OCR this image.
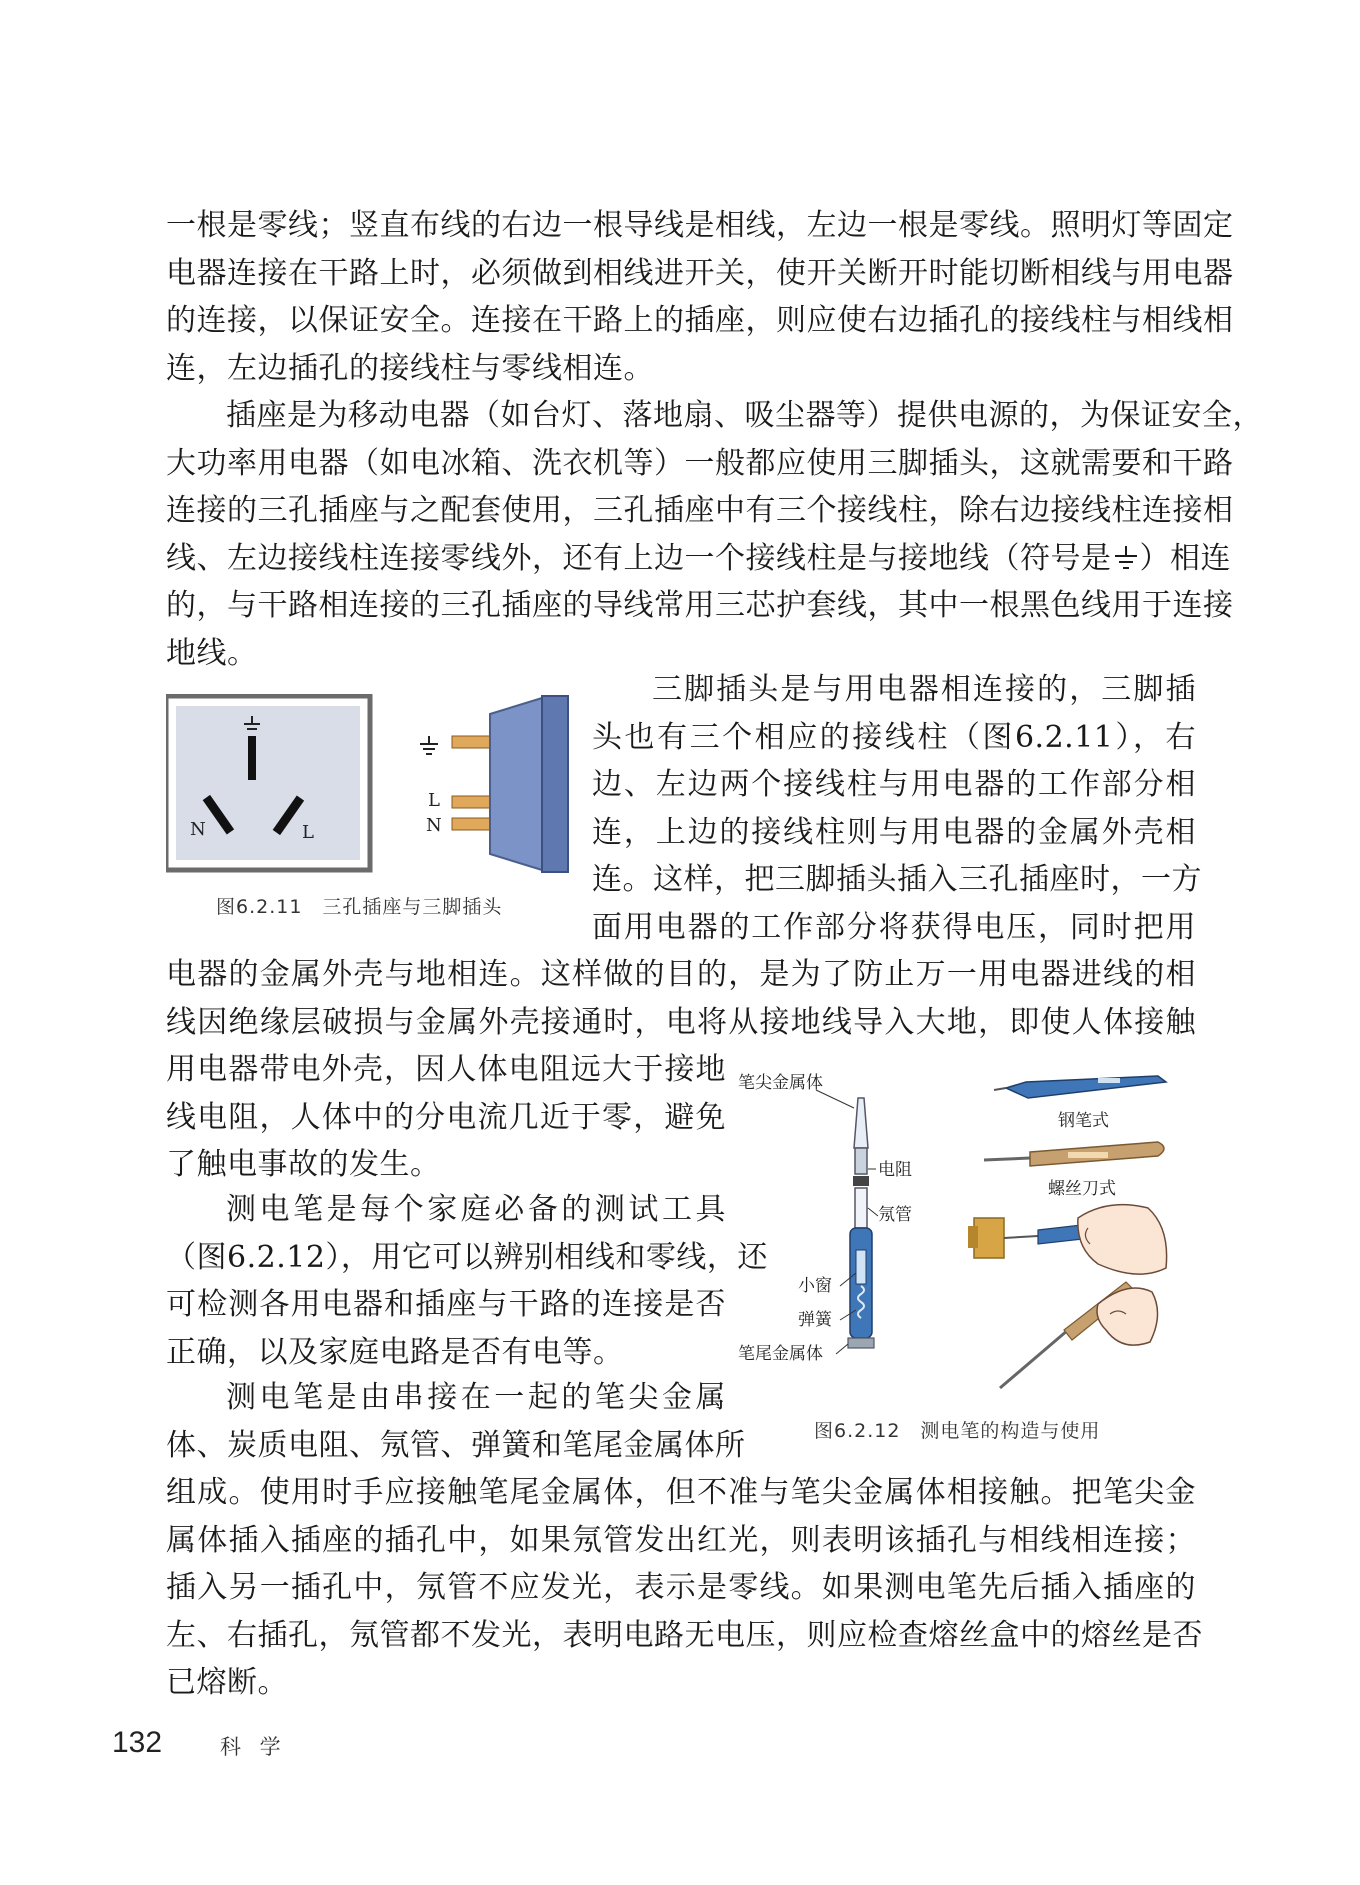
一根是零线；竖直布线的右边一根导线是相线，左边一根是零线。照明灯等固定
电器连接在干路上时，必须做到相线进开关，使开关断开时能切断相线与用电器
的连接，以保证安全。连接在干路上的插座，则应使右边插孔的接线柱与相线相
连，左边插孔的接线柱与零线相连。
插座是为移动电器（如台灯、落地扇、吸尘器等）提供电源的，为保证安全，
大功率用电器（如电冰箱、洗衣机等）一般都应使用三脚插头，这就需要和干路
连接的三孔插座与之配套使用，三孔插座中有三个接线柱，除右边接线柱连接相
线、左边接线柱连接零线外，还有上边一个接线柱是与接地线（符号是 ）相连
的，与干路相连接的三孔插座的导线常用三芯护套线，其中一根黑色线用于连接
地线。
N	L
L
N
图6.2.11　三孔插座与三脚插头
三脚插头是与用电器相连接的，三脚插
头也有三个相应的接线柱（图6.2.11），右
边、左边两个接线柱与用电器的工作部分相
连，上边的接线柱则与用电器的金属外壳相
连。这样，把三脚插头插入三孔插座时，一方
面用电器的工作部分将获得电压，同时把用
电器的金属外壳与地相连。这样做的目的，是为了防止万一用电器进线的相
线因绝缘层破损与金属外壳接通时，电将从接地线导入大地，即使人体接触
用电器带电外壳，因人体电阻远大于接地
线电阻，人体中的分电流几近于零，避免
了触电事故的发生。
测电笔是每个家庭必备的测试工具
（图6.2.12），用它可以辨别相线和零线，还
可检测各用电器和插座与干路的连接是否
正确，以及家庭电路是否有电等。
测电笔是由串接在一起的笔尖金属
体、炭质电阻、氖管、弹簧和笔尾金属体所
笔尖金属体
电阻
氖管
小窗
弹簧
笔尾金属体
钢笔式
螺丝刀式
图6.2.12　测电笔的构造与使用
组成。使用时手应接触笔尾金属体，但不准与笔尖金属体相接触。把笔尖金
属体插入插座的插孔中，如果氖管发出红光，则表明该插孔与相线相连接；
插入另一插孔中，氖管不应发光，表示是零线。如果测电笔先后插入插座的
左、右插孔，氖管都不发光，表明电路无电压，则应检查熔丝盒中的熔丝是否
已熔断。
132	科 学
